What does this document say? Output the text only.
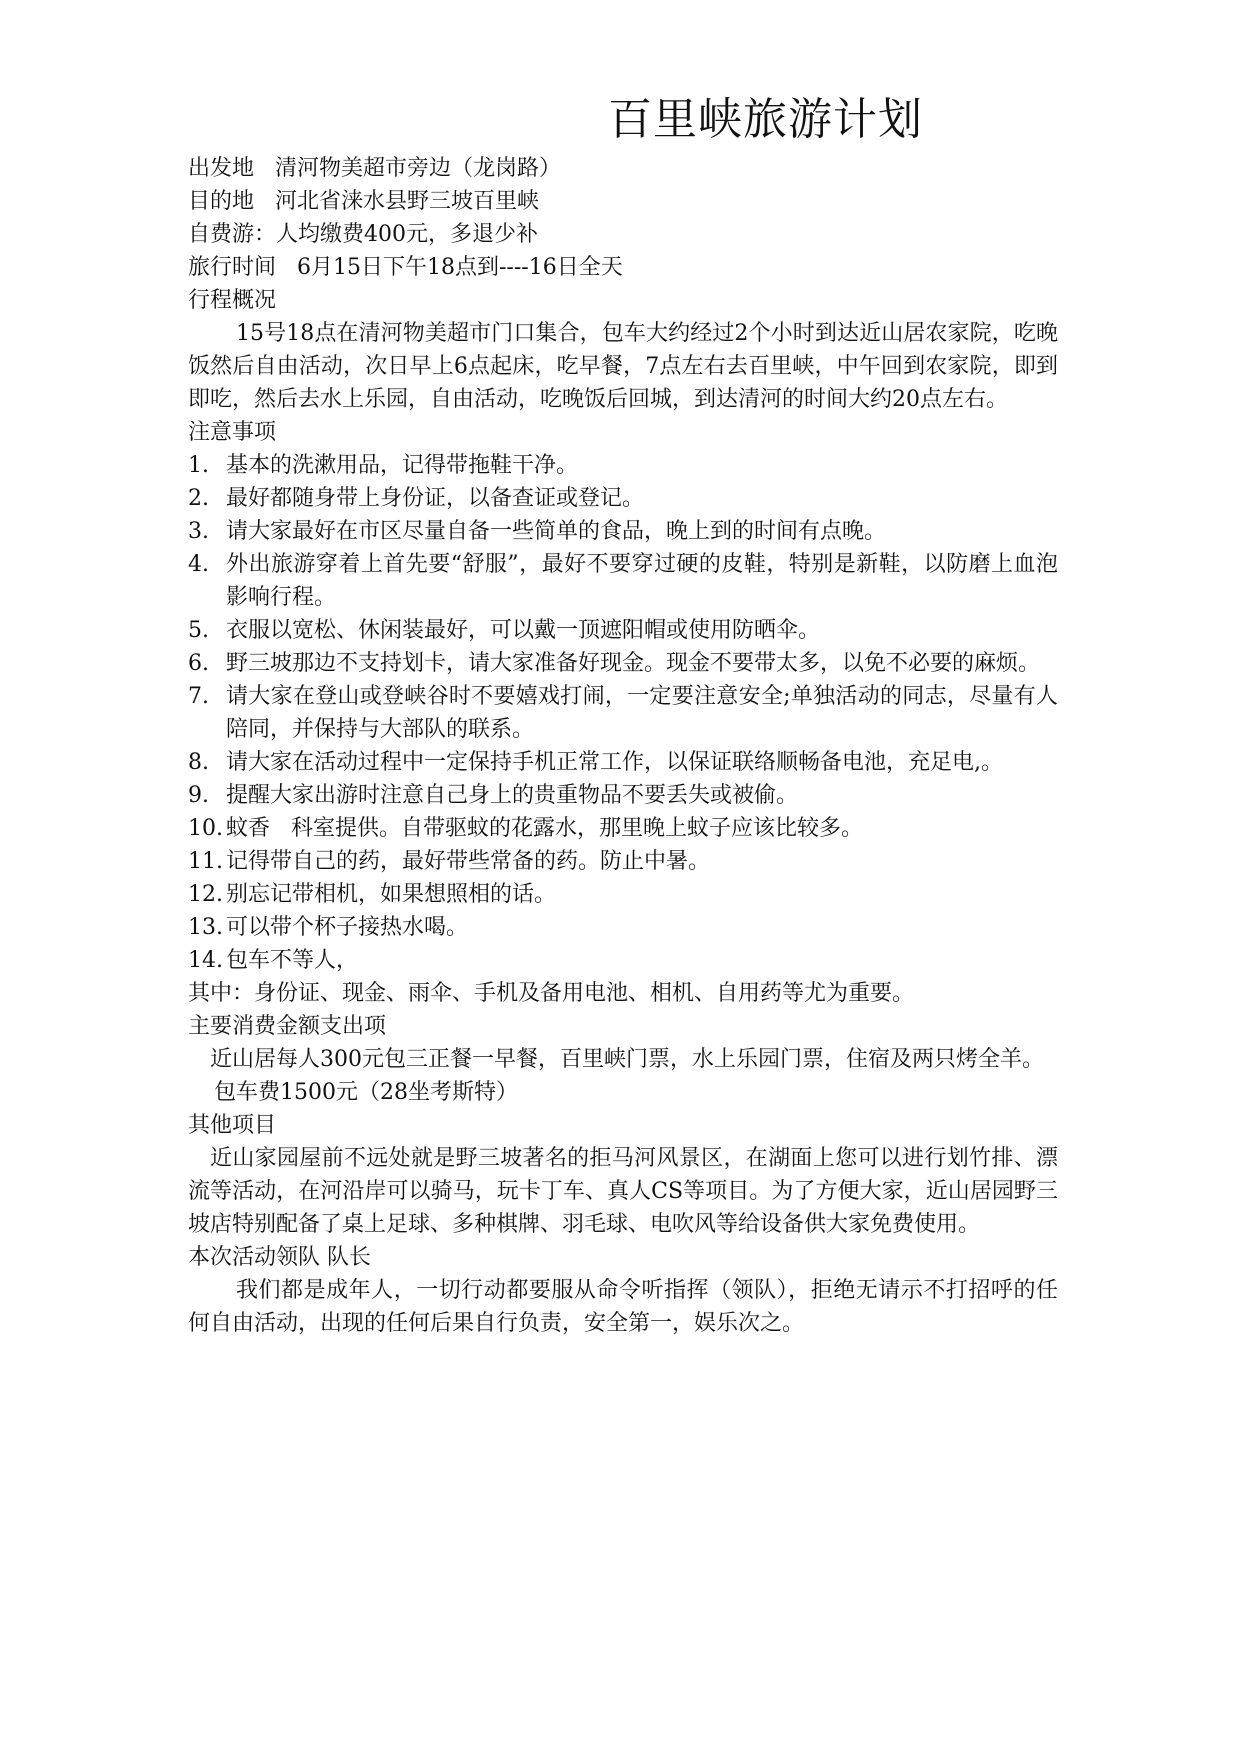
百里峡旅游计划
出发地   清河物美超市旁边（龙岗路）
目的地   河北省涞水县野三坡百里峡
自费游：人均缴费400元，多退少补
旅行时间   6月15日下午18点到----16日全天
行程概况
15号18点在清河物美超市门口集合，包车大约经过2个小时到达近山居农家院，吃晚饭然后自由活动，次日早上6点起床，吃早餐，7点左右去百里峡，中午回到农家院，即到即吃，然后去水上乐园，自由活动，吃晚饭后回城，到达清河的时间大约20点左右。
注意事项
1. 基本的洗漱用品，记得带拖鞋干净。
2. 最好都随身带上身份证，以备查证或登记。
3. 请大家最好在市区尽量自备一些简单的食品，晚上到的时间有点晚。
4. 外出旅游穿着上首先要“舒服”，最好不要穿过硬的皮鞋，特别是新鞋，以防磨上血泡影响行程。
5. 衣服以宽松、休闲装最好，可以戴一顶遮阳帽或使用防晒伞。
6. 野三坡那边不支持划卡，请大家准备好现金。现金不要带太多，以免不必要的麻烦。
7. 请大家在登山或登峡谷时不要嬉戏打闹，一定要注意安全;单独活动的同志，尽量有人陪同，并保持与大部队的联系。
8. 请大家在活动过程中一定保持手机正常工作，以保证联络顺畅备电池，充足电,。
9. 提醒大家出游时注意自己身上的贵重物品不要丢失或被偷。
10. 蚊香   科室提供。自带驱蚊的花露水，那里晚上蚊子应该比较多。
11. 记得带自己的药，最好带些常备的药。防止中暑。
12. 别忘记带相机，如果想照相的话。
13. 可以带个杯子接热水喝。
14. 包车不等人，
其中：身份证、现金、雨伞、手机及备用电池、相机、自用药等尤为重要。
主要消费金额支出项
近山居每人300元包三正餐一早餐，百里峡门票，水上乐园门票，住宿及两只烤全羊。
包车费1500元（28坐考斯特）
其他项目
近山家园屋前不远处就是野三坡著名的拒马河风景区，在湖面上您可以进行划竹排、漂流等活动，在河沿岸可以骑马，玩卡丁车、真人CS等项目。为了方便大家，近山居园野三坡店特别配备了桌上足球、多种棋牌、羽毛球、电吹风等给设备供大家免费使用。
本次活动领队 队长
我们都是成年人，一切行动都要服从命令听指挥（领队），拒绝无请示不打招呼的任何自由活动，出现的任何后果自行负责，安全第一，娱乐次之。
